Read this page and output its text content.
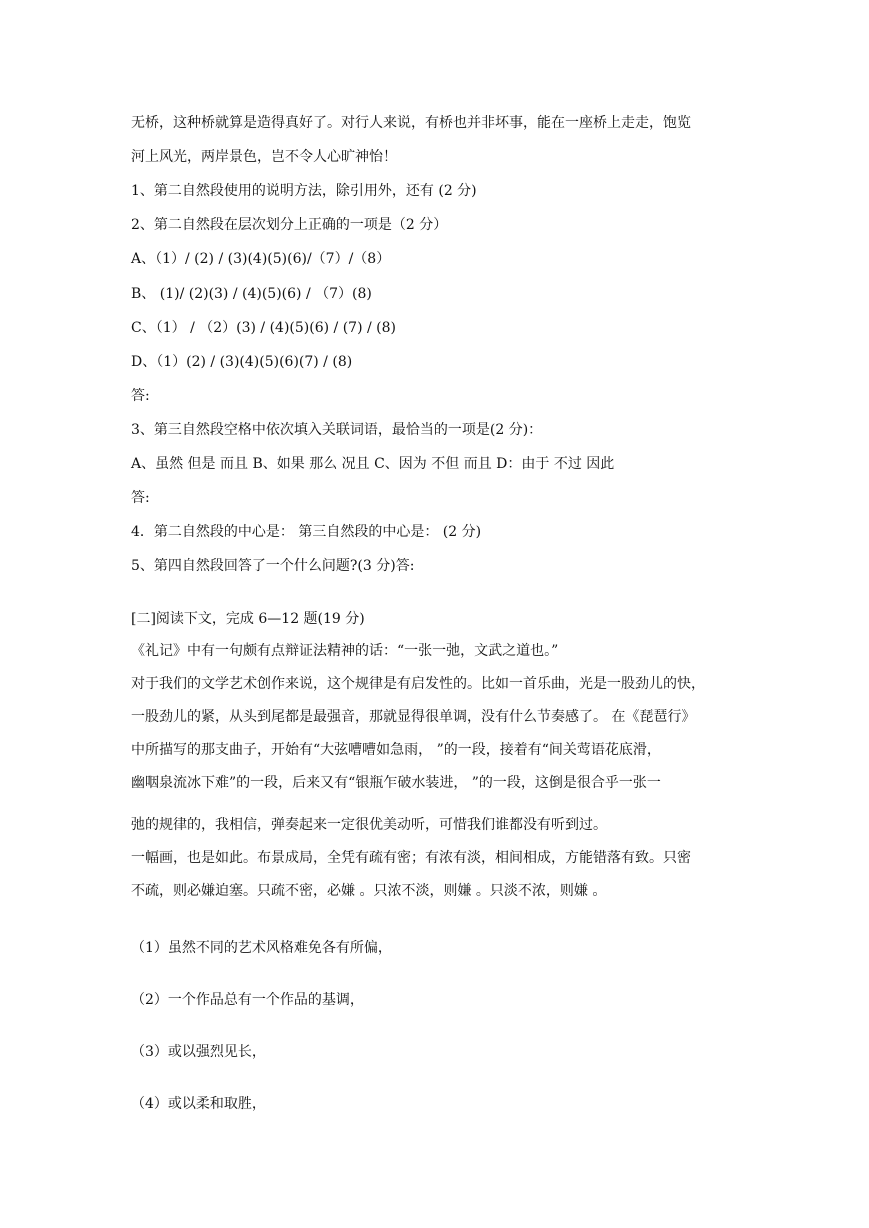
无桥，这种桥就算是造得真好了。对行人来说，有桥也并非坏事，能在一座桥上走走，饱览

河上风光，两岸景色，岂不令人心旷神怡！

1、第二自然段使用的说明方法，除引用外，还有 (2 分)

2、第二自然段在层次划分上正确的一项是（2 分）

A、（1）/ (2) / (3)(4)(5)(6)/（7）/（8）

B、 (1)/ (2)(3) / (4)(5)(6) / （7）(8)

C、（1） / （2）(3) / (4)(5)(6) / (7) / (8)

D、（1）(2) / (3)(4)(5)(6)(7) / (8)

答:

3、第三自然段空格中依次填入关联词语，最恰当的一项是(2 分)：

A、虽然 但是 而且 B、如果 那么 况且 C、因为 不但 而且 D：由于 不过 因此

答:

4．第二自然段的中心是： 第三自然段的中心是： (2 分)

5、第四自然段回答了一个什么问题?(3 分)答:

[二]阅读下文，完成 6—12 题(19 分)

《礼记》中有一句颇有点辩证法精神的话：“一张一弛，文武之道也。”

对于我们的文学艺术创作来说，这个规律是有启发性的。比如一首乐曲，光是一股劲儿的快，

一股劲儿的紧，从头到尾都是最强音，那就显得很单调，没有什么节奏感了。 在《琵琶行》

中所描写的那支曲子，开始有“大弦嘈嘈如急雨， ”的一段，接着有“间关莺语花底滑，

幽咽泉流冰下难”的一段，后来又有“银瓶乍破水装进， ”的一段，这倒是很合乎一张一

弛的规律的，我相信，弹奏起来一定很优美动听，可惜我们谁都没有听到过。

一幅画，也是如此。布景成局，全凭有疏有密；有浓有淡，相间相成，方能错落有致。只密

不疏，则必嫌迫塞。只疏不密，必嫌 。只浓不淡，则嫌 。只淡不浓，则嫌 。

（1）虽然不同的艺术风格难免各有所偏，

（2）一个作品总有一个作品的基调，

（3）或以强烈见长，

（4）或以柔和取胜，
